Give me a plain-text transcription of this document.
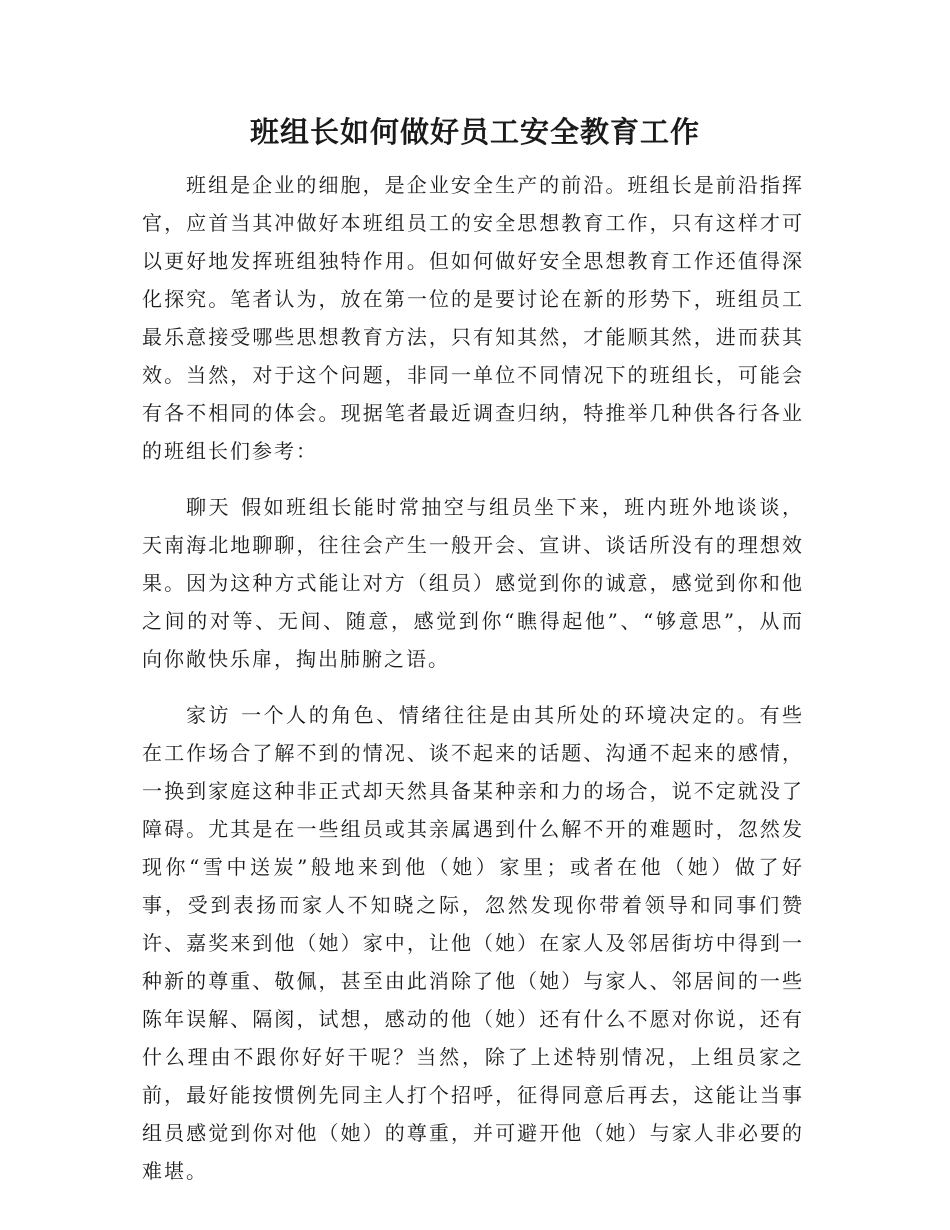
班组长如何做好员工安全教育工作

班组是企业的细胞，是企业安全生产的前沿。班组长是前沿指挥官，应首当其冲做好本班组员工的安全思想教育工作，只有这样才可以更好地发挥班组独特作用。但如何做好安全思想教育工作还值得深化探究。笔者认为，放在第一位的是要讨论在新的形势下，班组员工最乐意接受哪些思想教育方法，只有知其然，才能顺其然，进而获其效。当然，对于这个问题，非同一单位不同情况下的班组长，可能会有各不相同的体会。现据笔者最近调查归纳，特推举几种供各行各业的班组长们参考：

聊天 假如班组长能时常抽空与组员坐下来，班内班外地谈谈，天南海北地聊聊，往往会产生一般开会、宣讲、谈话所没有的理想效果。因为这种方式能让对方（组员）感觉到你的诚意，感觉到你和他之间的对等、无间、随意，感觉到你“瞧得起他”、“够意思”，从而向你敞快乐扉，掏出肺腑之语。

家访 一个人的角色、情绪往往是由其所处的环境决定的。有些在工作场合了解不到的情况、谈不起来的话题、沟通不起来的感情，一换到家庭这种非正式却天然具备某种亲和力的场合，说不定就没了障碍。尤其是在一些组员或其亲属遇到什么解不开的难题时，忽然发现你“雪中送炭”般地来到他（她）家里；或者在他（她）做了好事，受到表扬而家人不知晓之际，忽然发现你带着领导和同事们赞许、嘉奖来到他（她）家中，让他（她）在家人及邻居街坊中得到一种新的尊重、敬佩，甚至由此消除了他（她）与家人、邻居间的一些陈年误解、隔阂，试想，感动的他（她）还有什么不愿对你说，还有什么理由不跟你好好干呢？当然，除了上述特别情况，上组员家之前，最好能按惯例先同主人打个招呼，征得同意后再去，这能让当事组员感觉到你对他（她）的尊重，并可避开他（她）与家人非必要的难堪。
